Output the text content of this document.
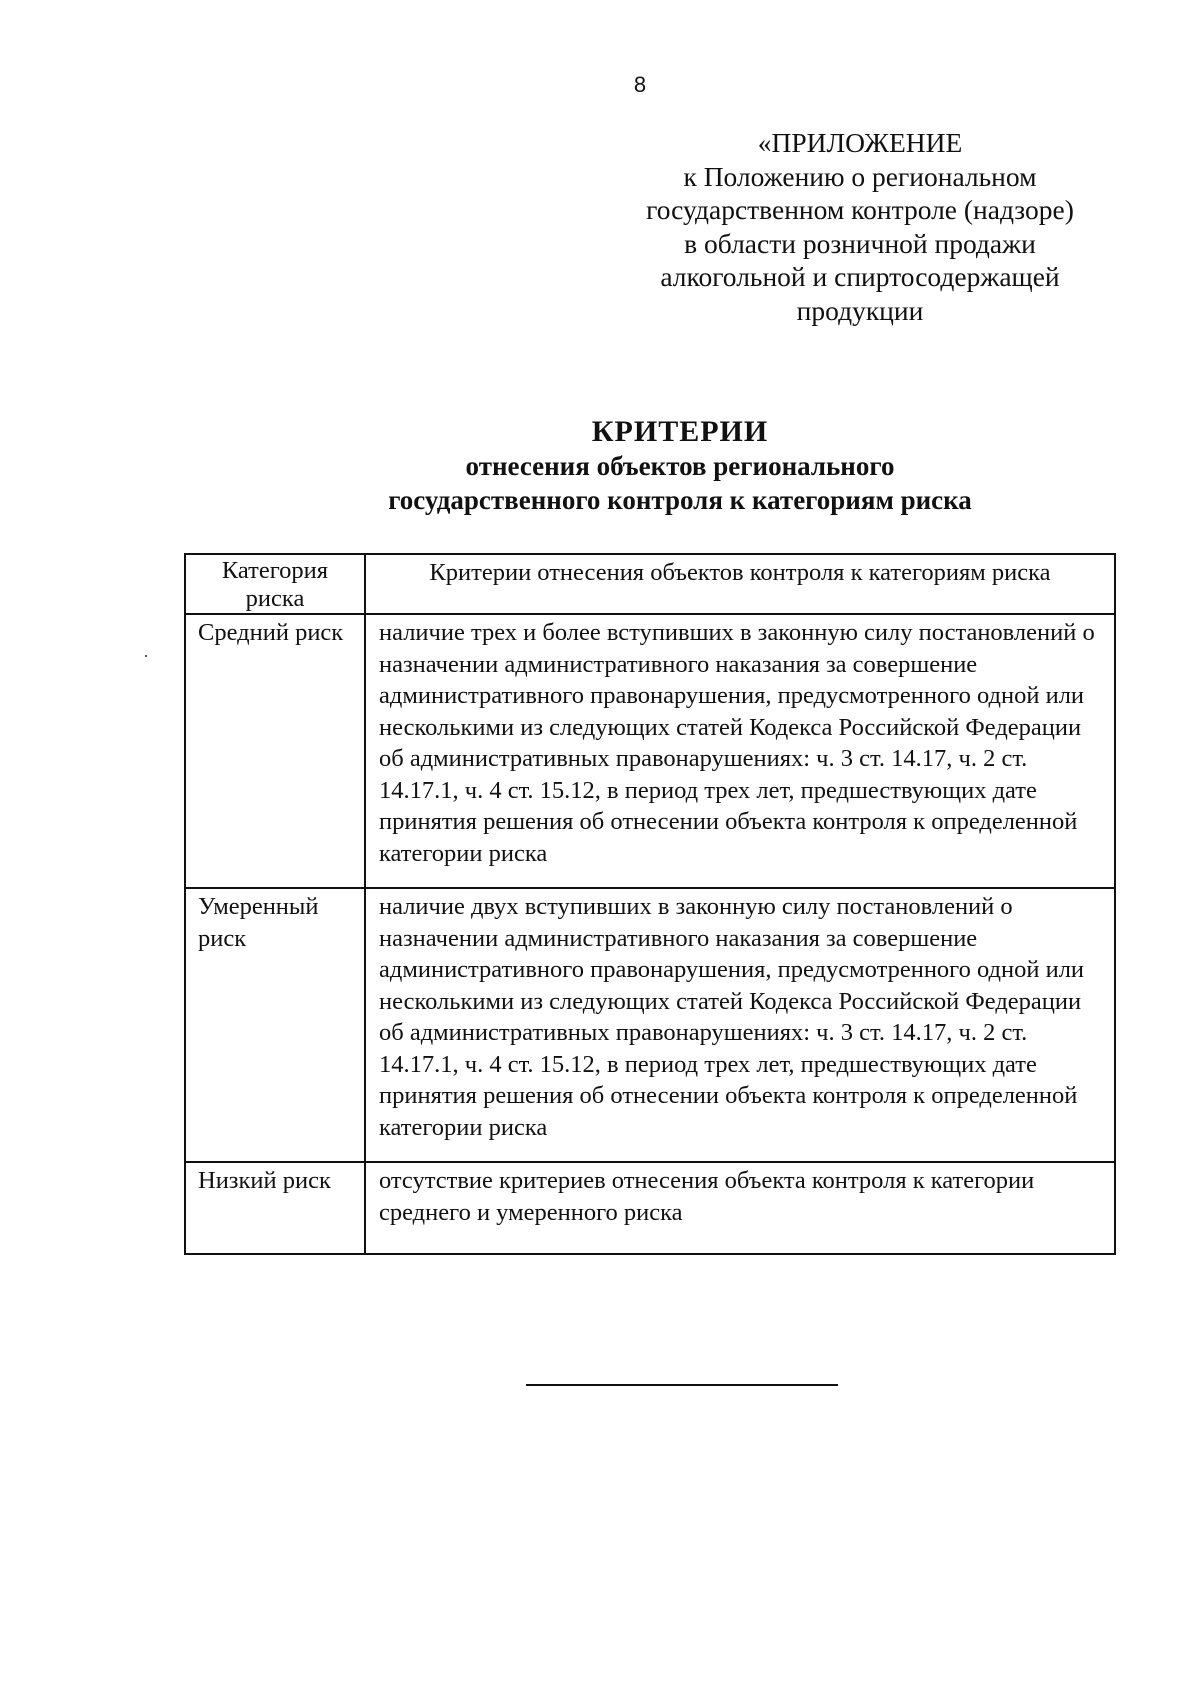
8
«ПРИЛОЖЕНИЕ
к Положению о региональном
государственном контроле (надзоре)
в области розничной продажи
алкогольной и спиртосодержащей
продукции
КРИТЕРИИ
отнесения объектов регионального
государственного контроля к категориям риска
Категория риска	Критерии отнесения объектов контроля к категориям риска
Средний риск	наличие трех и более вступивших в законную силу постановлений о назначении административного наказания за совершение административного правонарушения, предусмотренного одной или несколькими из следующих статей Кодекса Российской Федерации об административных правонарушениях: ч. 3 ст. 14.17, ч. 2 ст. 14.17.1, ч. 4 ст. 15.12, в период трех лет, предшествующих дате принятия решения об отнесении объекта контроля к определенной категории риска
Умеренный риск	наличие двух вступивших в законную силу постановлений о назначении административного наказания за совершение административного правонарушения, предусмотренного одной или несколькими из следующих статей Кодекса Российской Федерации об административных правонарушениях: ч. 3 ст. 14.17, ч. 2 ст. 14.17.1, ч. 4 ст. 15.12, в период трех лет, предшествующих дате принятия решения об отнесении объекта контроля к определенной категории риска
Низкий риск	отсутствие критериев отнесения объекта контроля к категории среднего и умеренного риска
